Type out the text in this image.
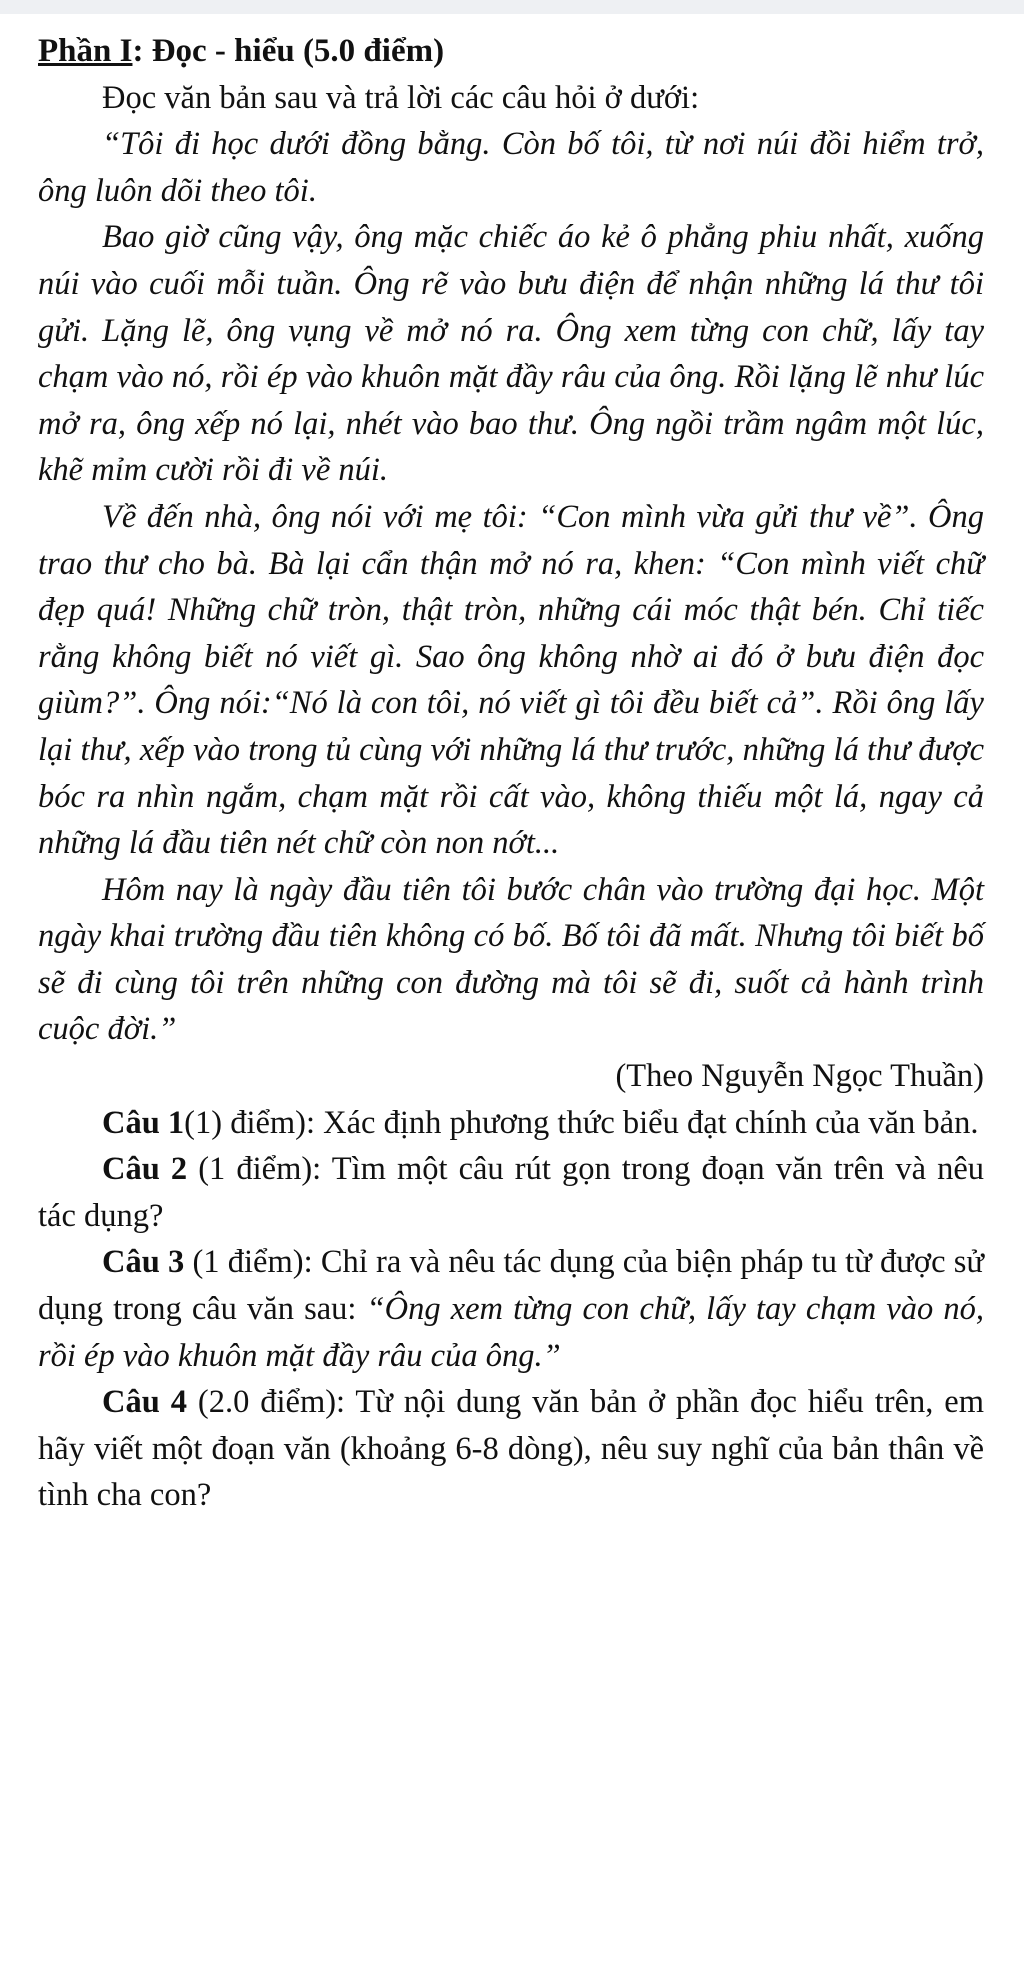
Phần I: Đọc - hiểu (5.0 điểm)

Đọc văn bản sau và trả lời các câu hỏi ở dưới:

“Tôi đi học dưới đồng bằng. Còn bố tôi, từ nơi núi đồi hiểm trở, ông luôn dõi theo tôi.

Bao giờ cũng vậy, ông mặc chiếc áo kẻ ô phẳng phiu nhất, xuống núi vào cuối mỗi tuần. Ông rẽ vào bưu điện để nhận những lá thư tôi gửi. Lặng lẽ, ông vụng về mở nó ra. Ông xem từng con chữ, lấy tay chạm vào nó, rồi ép vào khuôn mặt đầy râu của ông. Rồi lặng lẽ như lúc mở ra, ông xếp nó lại, nhét vào bao thư. Ông ngồi trầm ngâm một lúc, khẽ mỉm cười rồi đi về núi.

Về đến nhà, ông nói với mẹ tôi: “Con mình vừa gửi thư về”. Ông trao thư cho bà. Bà lại cẩn thận mở nó ra, khen: “Con mình viết chữ đẹp quá! Những chữ tròn, thật tròn, những cái móc thật bén. Chỉ tiếc rằng không biết nó viết gì. Sao ông không nhờ ai đó ở bưu điện đọc giùm?”. Ông nói:“Nó là con tôi, nó viết gì tôi đều biết cả”. Rồi ông lấy lại thư, xếp vào trong tủ cùng với những lá thư trước, những lá thư được bóc ra nhìn ngắm, chạm mặt rồi cất vào, không thiếu một lá, ngay cả những lá đầu tiên nét chữ còn non nớt...

Hôm nay là ngày đầu tiên tôi bước chân vào trường đại học. Một ngày khai trường đầu tiên không có bố. Bố tôi đã mất. Nhưng tôi biết bố sẽ đi cùng tôi trên những con đường mà tôi sẽ đi, suốt cả hành trình cuộc đời.”

(Theo Nguyễn Ngọc Thuần)

Câu 1(1) điểm): Xác định phương thức biểu đạt chính của văn bản.

Câu 2 (1 điểm): Tìm một câu rút gọn trong đoạn văn trên và nêu tác dụng?

Câu 3 (1 điểm): Chỉ ra và nêu tác dụng của biện pháp tu từ được sử dụng trong câu văn sau: “Ông xem từng con chữ, lấy tay chạm vào nó, rồi ép vào khuôn mặt đầy râu của ông.”

Câu 4 (2.0 điểm): Từ nội dung văn bản ở phần đọc hiểu trên, em hãy viết một đoạn văn (khoảng 6-8 dòng), nêu suy nghĩ của bản thân về tình cha con?
